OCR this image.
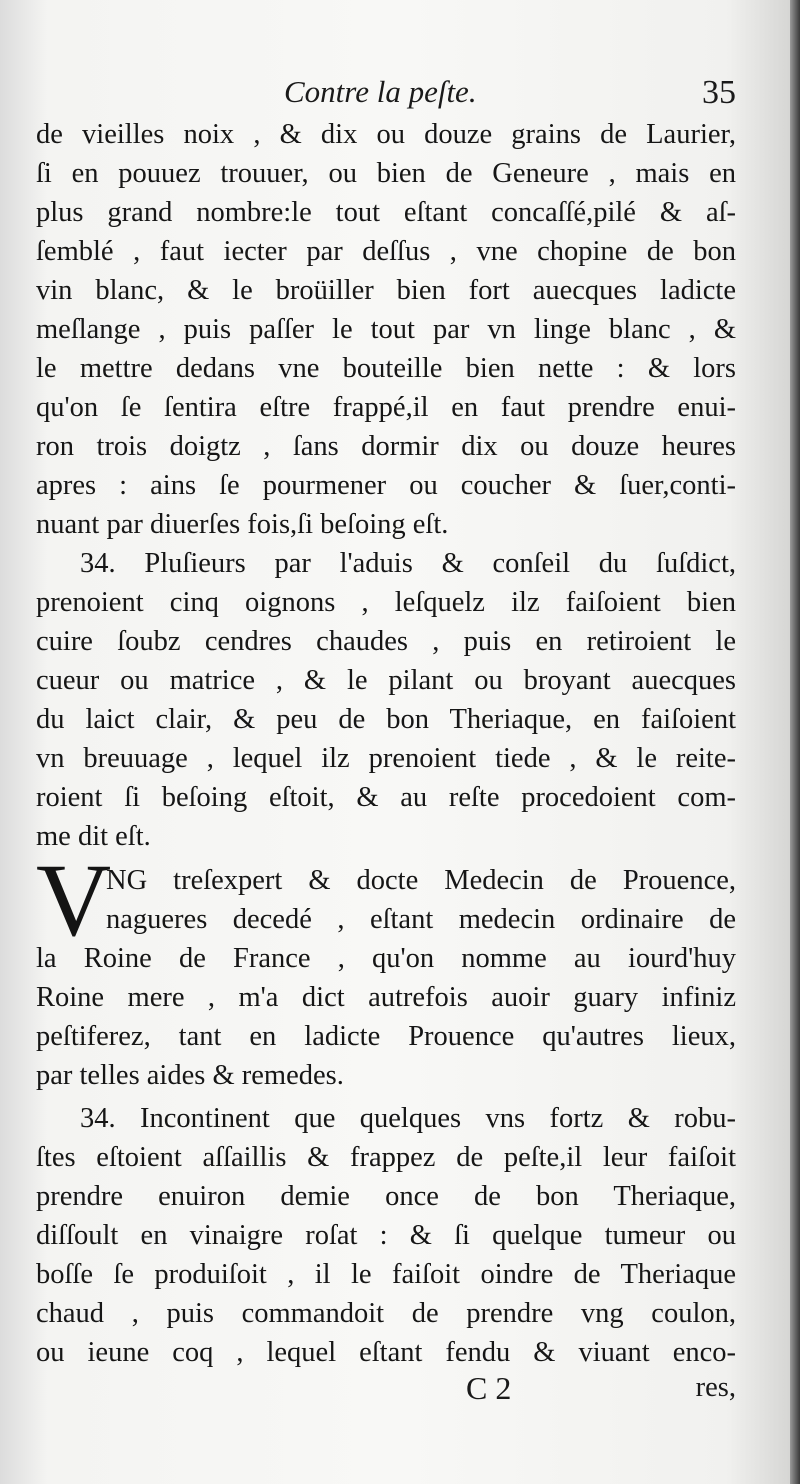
Contre la peſte.	35
de vieilles noix , & dix ou douze grains de Laurier,
ſi en pouuez trouuer, ou bien de Geneure , mais en
plus grand nombre:le tout eſtant concaſſé,pilé & aſ-
ſemblé , faut iecter par deſſus , vne chopine de bon
vin blanc, & le broüiller bien fort auecques ladicte
meſlange , puis paſſer le tout par vn linge blanc , &
le mettre dedans vne bouteille bien nette : & lors
qu'on ſe ſentira eſtre frappé,il en faut prendre enui-
ron trois doigtz , ſans dormir dix ou douze heures
apres : ains ſe pourmener ou coucher & ſuer,conti-
nuant par diuerſes fois,ſi beſoing eſt.
34. Pluſieurs par l'aduis & conſeil du ſuſdict,
prenoient cinq oignons , leſquelz ilz faiſoient bien
cuire ſoubz cendres chaudes , puis en retiroient le
cueur ou matrice , & le pilant ou broyant auecques
du laict clair, & peu de bon Theriaque, en faiſoient
vn breuuage , lequel ilz prenoient tiede , & le reite-
roient ſi beſoing eſtoit, & au reſte procedoient com-
me dit eſt.
NG treſexpert & docte Medecin de Prouence,
nagueres decedé , eſtant medecin ordinaire de
la Roine de France , qu'on nomme au iourd'huy
Roine mere , m'a dict autrefois auoir guary infiniz
peſtiferez, tant en ladicte Prouence qu'autres lieux,
par telles aides & remedes.
34. Incontinent que quelques vns fortz & robu-
ſtes eſtoient aſſaillis & frappez de peſte,il leur faiſoit
prendre enuiron demie once de bon Theriaque,
diſſoult en vinaigre roſat : & ſi quelque tumeur ou
boſſe ſe produiſoit , il le faiſoit oindre de Theriaque
chaud , puis commandoit de prendre vng coulon,
ou ieune coq , lequel eſtant fendu & viuant enco-
V
C 2	res,
